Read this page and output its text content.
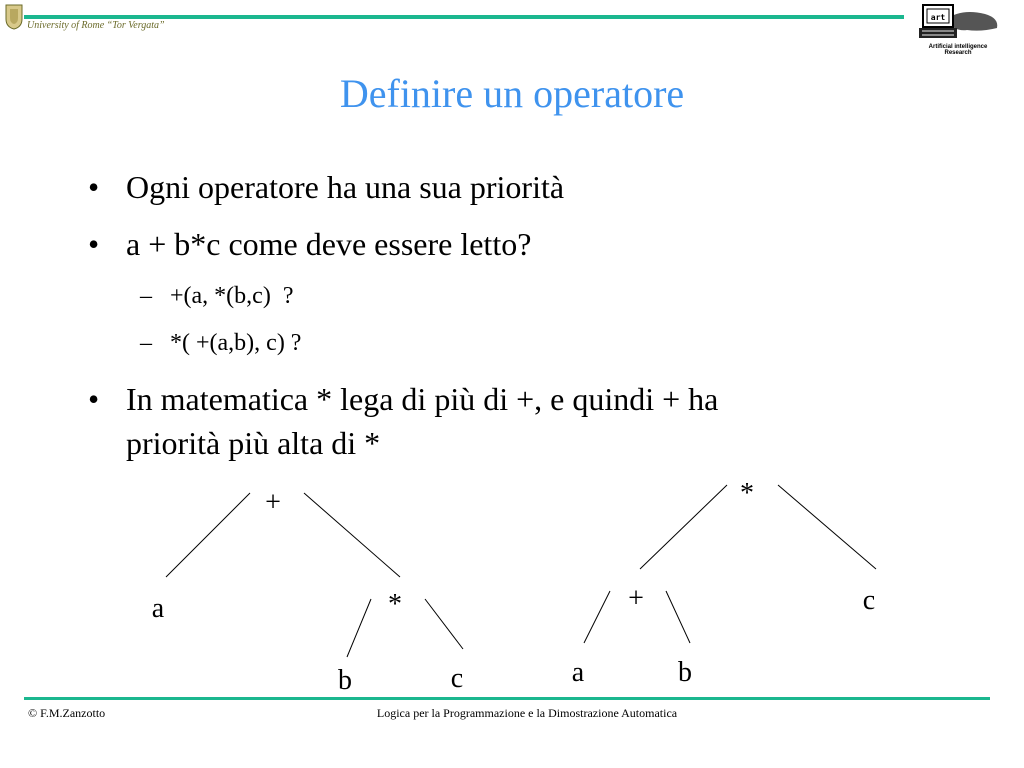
University of Rome “Tor Vergata”
art
Artificial intelligence Research
Definire un operatore
• Ogni operatore ha una sua priorità
• a + b*c come deve essere letto?
– +(a, *(b,c)  ?
– *( +(a,b), c) ?
• In matematica * lega di più di +, e quindi + ha
priorità più alta di *
+
a	*
b	c
*
+	c
a	b
© F.M.Zanzotto	Logica per la Programmazione e la Dimostrazione Automatica
